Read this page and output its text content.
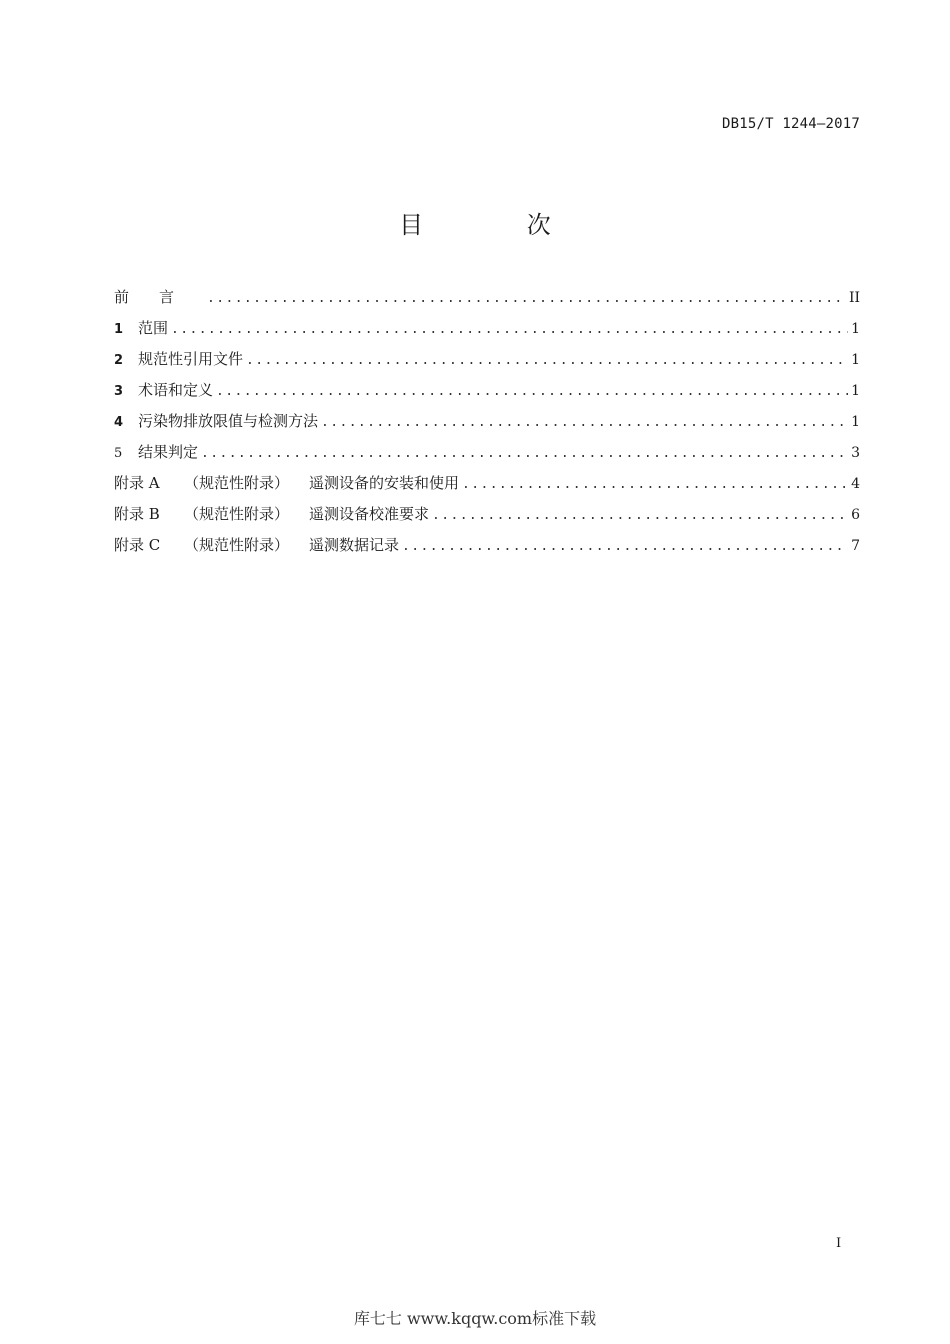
DB15/T 1244—2017
目 次
前言 .....	II
1 范围 .....	1
2 规范性引用文件 .....	1
3 术语和定义 .....	1
4 污染物排放限值与检测方法 .....	1
5	结果判定 .....	3
附录 A （规范性附录） 遥测设备的安装和使用 .....	4
附录 B （规范性附录） 遥测设备校准要求 .....	6
附录 C （规范性附录） 遥测数据记录 .....	7
I
库七七 www.kqqw.com标准下载
